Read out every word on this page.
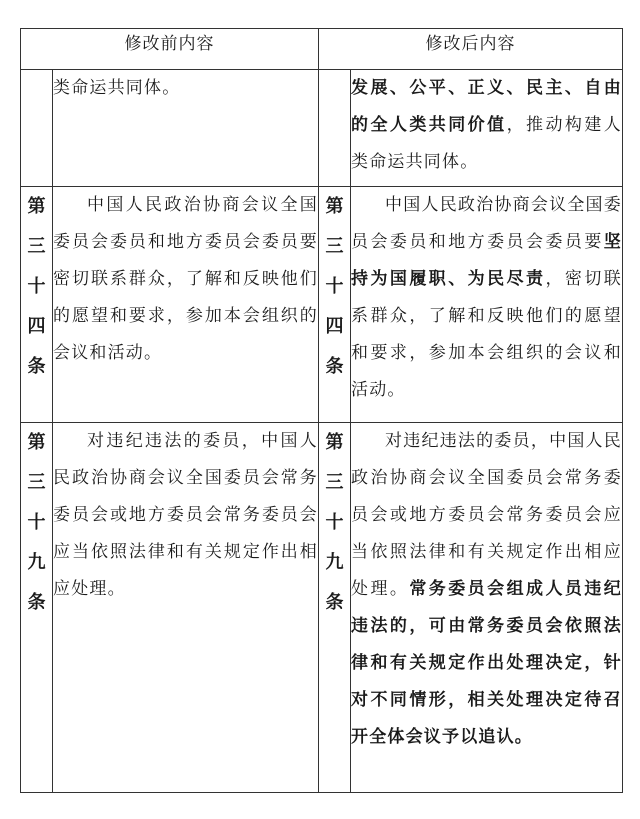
修改前内容		修改后内容	
	类命运共同体。		发展、公平、正义、民主、自由的全人类共同价值，推动构建人类命运共同体。
第三十四条	中国人民政治协商会议全国委员会委员和地方委员会委员要密切联系群众，了解和反映他们的愿望和要求，参加本会组织的会议和活动。	第三十四条	中国人民政治协商会议全国委员会委员和地方委员会委员要坚持为国履职、为民尽责，密切联系群众，了解和反映他们的愿望和要求，参加本会组织的会议和活动。
第三十九条	对违纪违法的委员，中国人民政治协商会议全国委员会常务委员会或地方委员会常务委员会应当依照法律和有关规定作出相应处理。	第三十九条	对违纪违法的委员，中国人民政治协商会议全国委员会常务委员会或地方委员会常务委员会应当依照法律和有关规定作出相应处理。常务委员会组成人员违纪违法的，可由常务委员会依照法律和有关规定作出处理决定，针对不同情形，相关处理决定待召开全体会议予以追认。
